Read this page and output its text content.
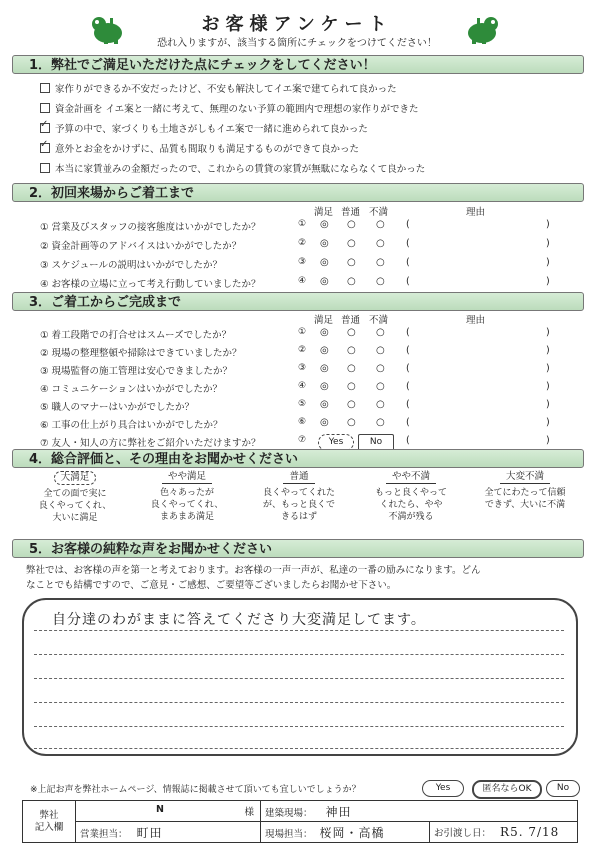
お客様アンケート
恐れ入りますが、該当する箇所にチェックをつけてください！
1．弊社でご満足いただけた点にチェックをしてください！
家作りができるか不安だったけど、不安も解決してイエ案で建てられて良かった
資金計画を イエ案と一緒に考えて、無理のない予算の範囲内で理想の家作りができた
✓予算の中で、家づくりも土地さがしもイエ案で一緒に進められて良かった
✓意外とお金をかけずに、品質も間取りも満足するものができて良かった
本当に家賃並みの金額だったので、これからの賃貸の家賃が無駄にならなくて良かった
2．初回来場からご着工まで
満足 普通 不満	理由
① 営業及びスタッフの接客態度はいかがでしたか？	① ◎ ○ ○ (	)
② 資金計画等のアドバイスはいかがでしたか？	② ◎ ○ ○ (	)
③ スケジュールの説明はいかがでしたか？	③ ◎ ○ ○ (	)
④ お客様の立場に立って考え行動していましたか？	④ ◎ ○ ○ (	)
3．ご着工からご完成まで
満足 普通 不満	理由
① 着工段階での打合せはスムーズでしたか？	① ◎ ○ ○ (	)
② 現場の整理整頓や掃除はできていましたか？	② ◎ ○ ○ (	)
③ 現場監督の施工管理は安心できましたか？	③ ◎ ○ ○ (	)
④ コミュニケーションはいかがでしたか？	④ ◎ ○ ○ (	)
⑤ 職人のマナーはいかがでしたか？	⑤ ◎ ○ ○ (	)
⑥ 工事の仕上がり具合はいかがでしたか？	⑥ ◎ ○ ○ (	)
⑦ 友人・知人の方に弊社をご紹介いただけますか？	⑦	Yes	No	(	)
4．総合評価と、その理由をお聞かせください
大満足
全ての面で実に
良くやってくれ、
大いに満足
やや満足
色々あったが
良くやってくれ、
まあまあ満足
普通
良くやってくれた
が、もっと良くで
きるはず
やや不満
もっと良くやって
くれたら、やや
不満が残る
大変不満
全てにわたって信頼
できず、大いに不満
5．お客様の純粋な声をお聞かせください
弊社では、お客様の声を第一と考えております。お客様の一声一声が、私達の一番の励みになります。どん
なことでも結構ですので、ご意見・ご感想、ご要望等ございましたらお聞かせ下さい。
自分達のわがままに答えてくださり大変満足してます。
※上記お声を弊社ホームページ、情報誌に掲載させて頂いても宜しいでしょうか？	Yes	匿名ならOK	No
弊社
記入欄	N 様	建築現場： 神田	
	営業担当： 町田	現場担当： 桜岡・高橋	お引渡し日： R5. 7/18
